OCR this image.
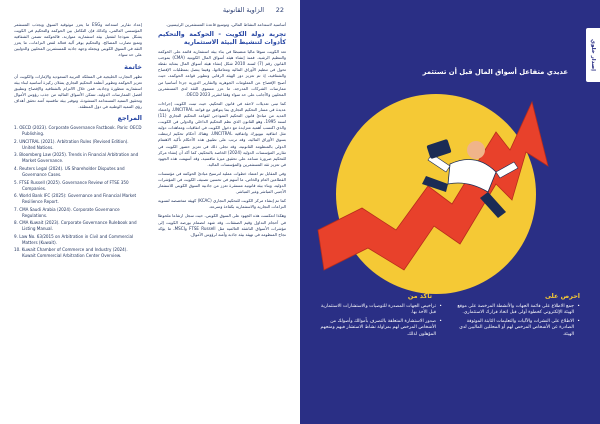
الزاوية القانونية 22

أساسية لاستدامة النشاط المالي، وتوسيع قاعدة المستثمرين الرئيسيين.

تجربة دولة الكويت - الحوكمة والتحكيم كأدوات لتنشيط البيئة الاستثمارية

تعد الكويت سوقا ماليا منضبطا في بناء بيئة استثمارية قائمة على الحوكمة والتنظيم الرشيد. فمنذ إنشاء هيئة أسواق المال الكويتية (CMA) بموجب القانون رقم (7) لسنة 2010 شكل إنشاء هيئة أسواق المال بمثابة نقطة تحول في تنظيم الأوراق المالية ومعاملاتها، وفيما يتصل بمتطلبات الإفصاح والشفافية، إذ تم تعزيز دور الهيئة الرقابي وتطوير قواعد الحوكمة، حيث أصبح الإفصاح عن المعلومات الجوهرية والتقارير الدورية جزءا أساسيا من ممارسات الشركات المدرجة، ما عزز مستوى الثقة لدى المستثمرين المحليين والأجانب على حد سواء وفقا لتقرير OECD 2023.

كما تبنى تعديلات لاحقة في قانون التحكيم، حيث تبنت الكويت إجراءات عديدة في مسار التحكيم التجاري بما يتوافق مع قواعد UNCITRAL، واعتماد العديد من مبادئ قانون التحكيم النموذجي لقواعد التحكيم التجاري (11) لسنة 1995، وهو القانون الذي نظم التحكيم الداخلي والدولي في الكويت، والذي اكتسب أهمية متزايدة مع دخول الكويت في اتفاقيات ومعاهدات دولية مثل اتفاقية نيويورك واتفاقية UNCITRAL، وهناك أحكام تحكيم ارتبطت بسوق الأوراق المالية، وقد ترتب على تطبيق هذه الأحكام تأكيد الاهتمام الدولي بالمنظومة القانونية، وقد تجلى ذلك في تعزيز حضور الكويت في تقارير المؤسسات الدولية (2024) الخاصة بالتحكيم، كما أكد أن إنشاء مركز للتحكيم ضرورة تساعد على تحقيق ميزة تنافسية، وقد أسهمت هذه الجهود في تعزيز ثقة المستثمرين والمؤسسات المالية.

وفي المقابل تم اعتماد خطوات عملية لترسيخ مبادئ الحوكمة في مؤسسات القطاعين العام والخاص، ما أسهم في تحسين تصنيف الكويت في المؤشرات الدولية، وبناء بيئة قانونية مستقرة تعزز من جاذبية السوق الكويتي للاستثمار الأجنبي المباشر وغير المباشر.

كما تم إنشاء مركز الكويت للتحكيم التجاري (KCAC) كهيئة متخصصة لتسوية النزاعات التجارية والاستثمارية بكفاءة وسرعة.

وهكذا انعكست هذه الجهود على السوق الكويتي، حيث سجل ارتفاعا ملحوظا في أحجام التداول وقيم الصفقات، وقد شهد انضمام بورصة الكويت إلى مؤشرات الأسواق الناشئة العالمية مثل FTSE Russell وMSCI، ما يؤكد نجاح المنظومة في تهيئة بيئة جاذبة وآمنة لرؤوس الأموال.

إعداد تقارير استدامة وESG ما يعزز موثوقية السوق ويجذب المستثمر المؤسسي العالمي، وكذلك فإن التكامل بين الحوكمة والتحكيم في الكويت يشكل نموذجا لتفعيل بيئة استثمارية متوازنة، فالحوكمة تضمن الشفافية وتمنع تضارب المصالح، والتحكيم يوفر آلية فعالة لفض النزاعات، ما يعزز الثقة في السوق الكويتي ويجعله وجهة جاذبة للمستثمرين المحليين والدوليين على حد سواء.

خاتمة

تظهر التجارب الخليجية في المملكة العربية السعودية والإمارات والكويت أن تعزيز الحوكمة وتطوير أنظمة التحكيم التجاري يمثلان ركيزة أساسية لبناء بيئة استثمارية متطورة وجاذبة، فمن خلال الالتزام بالشفافية والإفصاح وتطبيق أفضل الممارسات الدولية، تتمكن الأسواق المالية من جذب رؤوس الأموال وتحقيق التنمية المستدامة المنشودة، وتوفير بيئة تنافسية آمنة تحقق أهداف رؤى التنمية الوطنية في دول المنطقة.

المراجع
1. OECD (2023). Corporate Governance Factbook. Paris: OECD Publishing.
2. UNCITRAL (2021). Arbitration Rules (Revised Edition). United Nations.
3. Bloomberg Law (2025). Trends in Financial Arbitration and Market Governance.
4. Reuters Legal (2024). US Shareholder Disputes and Governance Cases.
5. FTSE Russell (2025). Governance Review of FTSE 350 Companies.
6. World Bank IFC (2025): Governance and Financial Market Resilience Report.
7. CMA Saudi Arabia (2024). Corporate Governance Regulations.
8. CMA Kuwait (2023). Corporate Governance Rulebook and Listing Manual.
9. Law No. 63/2015 on Arbitration in Civil and Commercial Matters (Kuwait).
10. Kuwait Chamber of Commerce and Industry (2024). Kuwait Commercial Arbitration Center Overview.
إصدار خلوي
عديدي متفاعل أسواق المال قبل أن تستثمر
احرص على
• جمع الاطلاع على قائمة الجهات والأنشطة المرخصة على موقع الهيئة الإلكتروني كخطوة أولى قبل اتخاذ قرارك الاستثماري.
• الاطلاع على النشرات والآليات والتعليمات الثابتة الموثوقة الصادرة عن الأشخاص المرخص لهم أو المحللين الماليين لدى الهيئة.
تأكد من
• تراخيص الجهات المصدرة للتوصيات والاستشارات الاستثمارية قبل الأخذ بها.
• صدور الاستشارة المتعلقة بالتصرف بأموالك وأصولك من الأشخاص المرخص لهم بمزاولة نشاط الاستشار فيهم ومنحهم المؤهلون لذلك.
